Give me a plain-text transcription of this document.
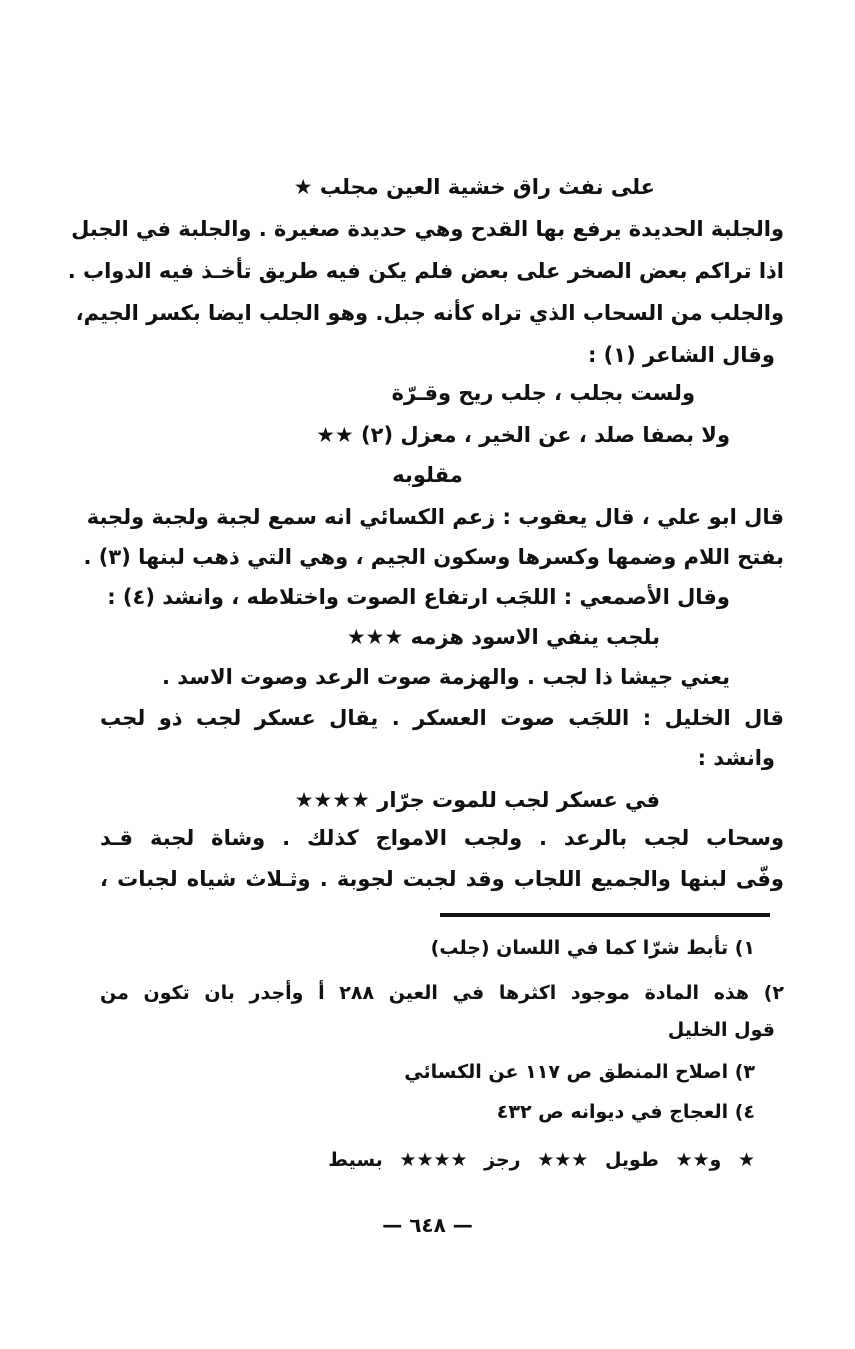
على نفث راق خشية العين مجلب ★
والجلبة الحديدة يرفع بها القدح وهي حديدة صغيرة . والجلبة في الجبل
اذا تراكم بعض الصخر على بعض فلم يكن فيه طريق تأخـذ فيه الدواب .
والجلب من السحاب الذي تراه كأنه جبل. وهو الجلب ايضا بكسر الجيم،
وقال الشاعر (١) :
ولست بجلب ، جلب ريح وقـرّة
ولا بصفا صلد ، عن الخير ، معزل (٢) ★★
مقلوبه
قال ابو علي ، قال يعقوب : زعم الكسائي انه سمع لجبة ولجبة ولجبة
بفتح اللام وضمها وكسرها وسكون الجيم ، وهي التي ذهب لبنها (٣) .
وقال الأصمعي : اللجَب ارتفاع الصوت واختلاطه ، وانشد (٤) :
بلجب ينفي الاسود هزمه ★★★
يعني جيشا ذا لجب . والهزمة صوت الرعد وصوت الاسد .
قال الخليل : اللجَب صوت العسكر . يقال عسكر لجب ذو لجب
وانشد :
في عسكر لجب للموت جرّار ★★★★
وسحاب لجب بالرعد . ولجب الامواج كذلك . وشاة لجبة قـد
وفّى لبنها والجميع اللجاب وقد لجبت لجوبة . وثـلاث شياه لجبات ،
١) تأبط شرّا كما في اللسان (جلب)
٢) هذه المادة موجود اكثرها في العين ٢٨٨ أ وأجدر بان تكون من
قول الخليل
٣) اصلاح المنطق ص ١١٧ عن الكسائي
٤) العجاج في ديوانه ص ٤٣٢
★ و★★ طويل ★★★ رجز ★★★★ بسيط
— ٦٤٨ —
